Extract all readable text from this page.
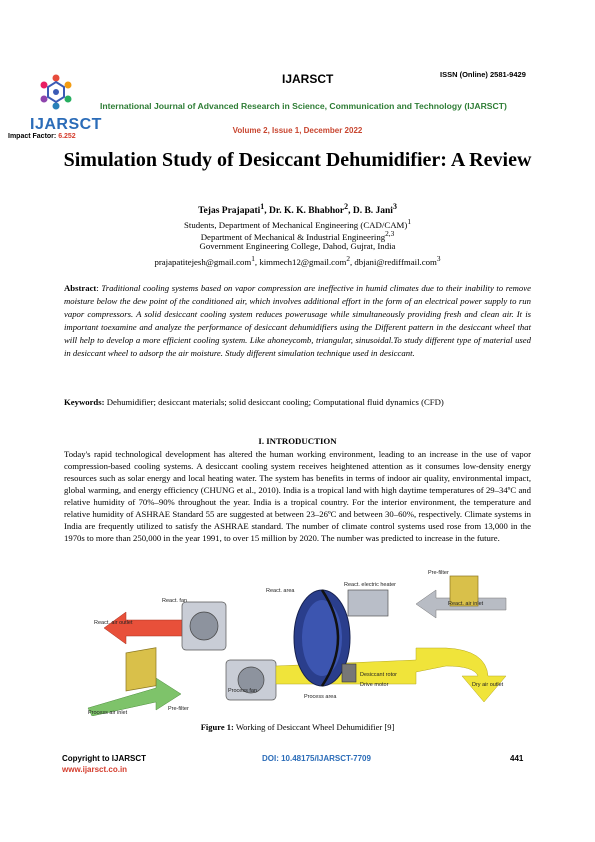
IJARSCT
Impact Factor: 6.252
IJARSCT	ISSN (Online) 2581-9429
International Journal of Advanced Research in Science, Communication and Technology (IJARSCT)
Volume 2, Issue 1, December 2022
Simulation Study of Desiccant Dehumidifier: A Review
Tejas Prajapati$^1$, Dr. K. K. Bhabhor$^2$, D. B. Jani$^3$
Students, Department of Mechanical Engineering $(CAD/CAM)^1$
Department of Mechanical & Industrial Engineering$^{2,3}$
Government Engineering College, Dahod, Gujrat, India
prajapatitejesh@gmail.com$^1$, kimmech12@gmail.com$^2$, dbjani@rediffmail.com$^3$
Abstract: Traditional cooling systems based on vapor compression are ineffective in humid climates due to their inability to remove moisture below the dew point of the conditioned air, which involves additional effort in the form of an electrical power supply to run vapor compressors. A solid desiccant cooling system reduces powerusage while simultaneously providing fresh and clean air. It is important toexamine and analyze the performance of desiccant dehumidifiers using the Different pattern in the desiccant wheel that will help to develop a more efficient cooling system. Like ahoneycomb, triangular, sinusoidal.To study different type of material used in desiccant wheel to adsorp the air moisture. Study different simulation technique used in desiccant.
Keywords: Dehumidifier; desiccant materials; solid desiccant cooling; Computational fluid dynamics (CFD)
I. INTRODUCTION
Today's rapid technological development has altered the human working environment, leading to an increase in the use of vapor compression-based cooling systems. A desiccant cooling system receives heightened attention as it consumes low-density energy resources such as solar energy and local heating water. The system has benefits in terms of indoor air quality, environmental impact, global warming, and energy efficiency (CHUNG et al., 2010). India is a tropical land with high daytime temperatures of 29–34ºC and relative humidity of 70%–90% throughout the year. India is a tropical country. For the interior environment, the temperature and relative humidity of ASHRAE Standard 55 are suggested at between 23–26ºC and between 30–60%, respectively. Climate systems in India are frequently utilized to satisfy the ASHRAE standard. The number of climate control systems used rose from 13,000 in the 1970s to more than 250,000 in the year 1991, to over 15 million by 2020. The number was predicted to increase in the future.
Pre-filter
React. air inlet
React. electric heater
React. area
React. fan
React. air outlet
Desiccant rotor
Drive motor	Dry air outlet
Process fan
Process area
Pre-filter
Process air inlet
Figure 1: Working of Desiccant Wheel Dehumidifier [9]
Copyright to IJARSCT
www.ijarsct.co.in
DOI: 10.48175/IJARSCT-7709	441
